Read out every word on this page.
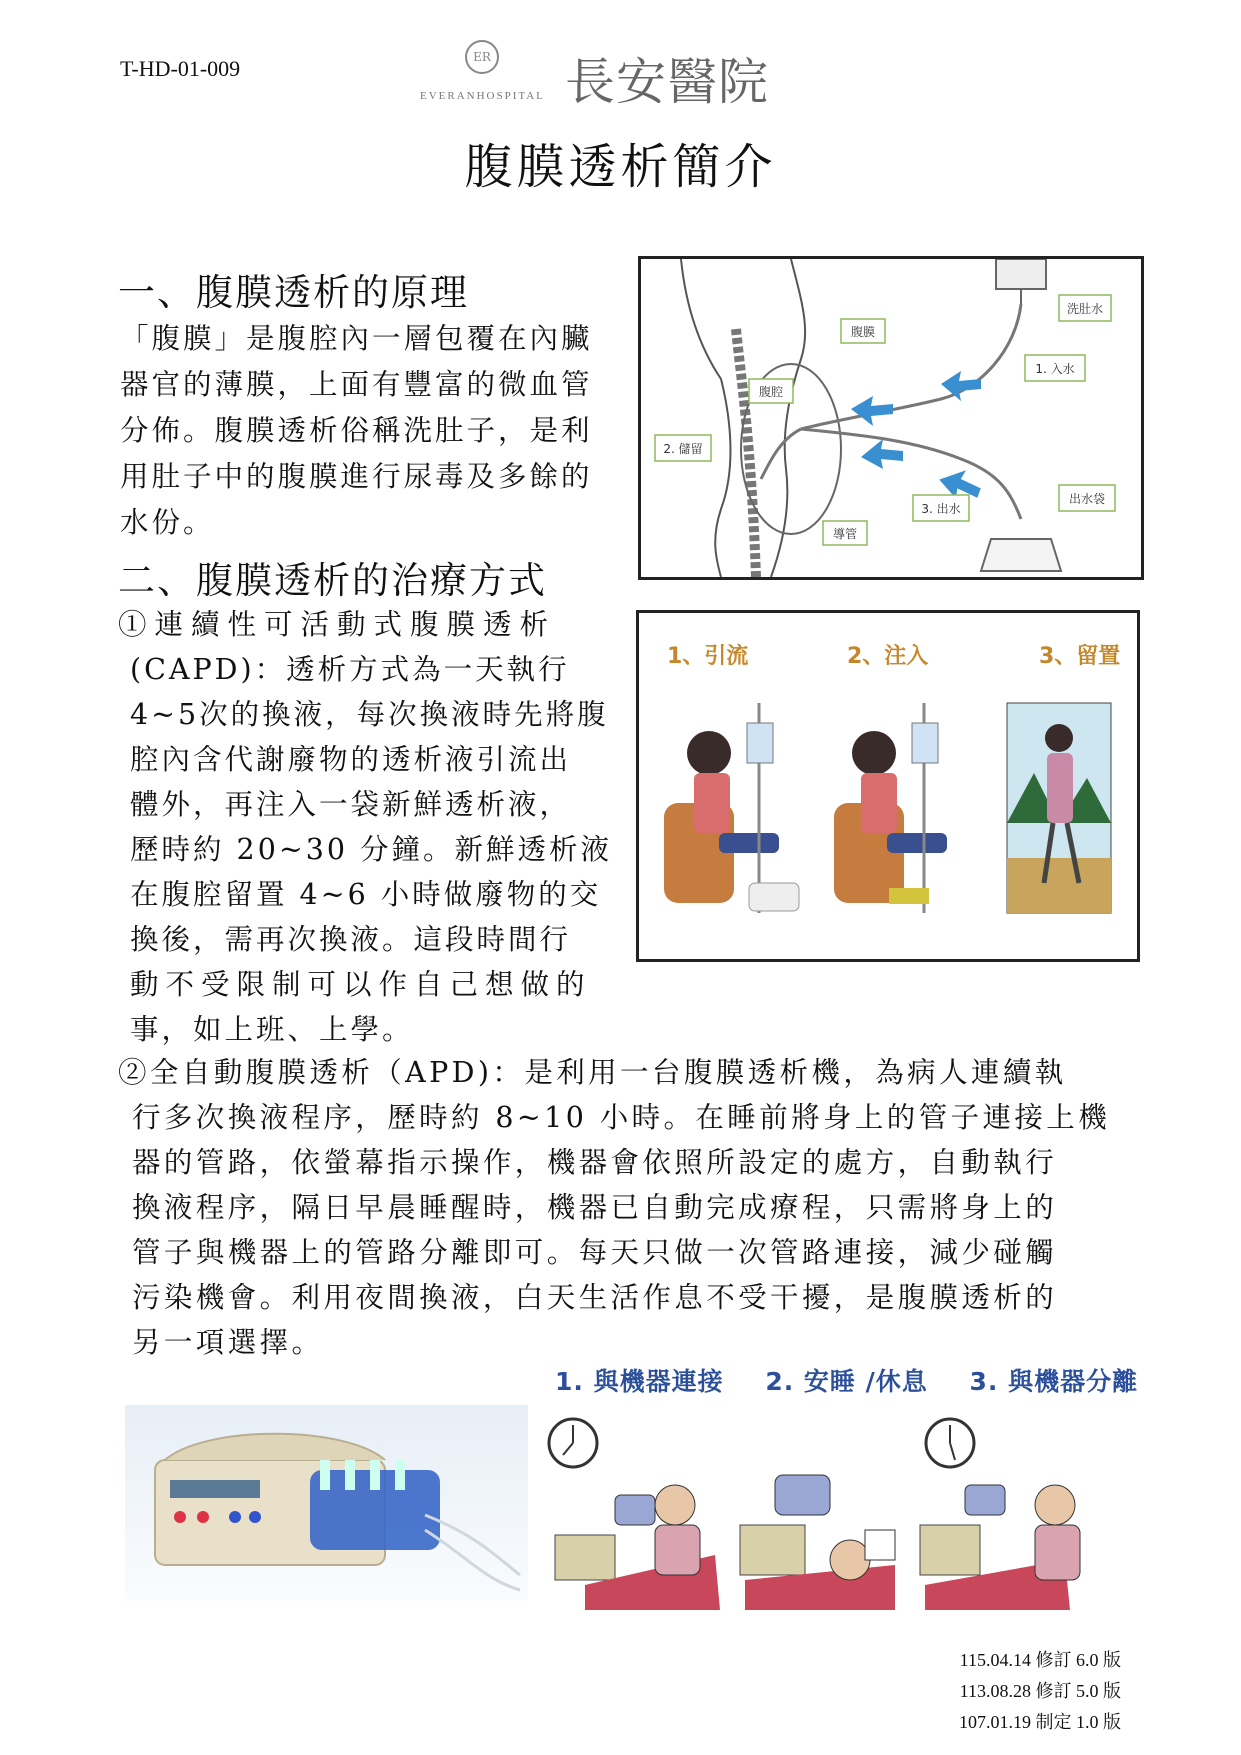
T-HD-01-009	ER
EVERANHOSPITAL 長安醫院
腹膜透析簡介
一、腹膜透析的原理
「腹膜」是腹腔內一層包覆在內臟
器官的薄膜，上面有豐富的微血管
分佈。腹膜透析俗稱洗肚子，是利
用肚子中的腹膜進行尿毒及多餘的
水份。
洗肚水
腹膜
腹腔
2. 儲留
1. 入水
3. 出水
出水袋
導管
二、腹膜透析的治療方式
①連續性可活動式腹膜透析
(CAPD)：透析方式為一天執行
4~5次的換液，每次換液時先將腹
腔內含代謝廢物的透析液引流出
體外，再注入一袋新鮮透析液，
歷時約 20~30 分鐘。新鮮透析液
在腹腔留置 4~6 小時做廢物的交
換後，需再次換液。這段時間行
動不受限制可以作自己想做的
事，如上班、上學。
1、引流	2、注入	3、留置
②全自動腹膜透析（APD)：是利用一台腹膜透析機，為病人連續執
行多次換液程序，歷時約 8~10 小時。在睡前將身上的管子連接上機
器的管路，依螢幕指示操作，機器會依照所設定的處方，自動執行
換液程序，隔日早晨睡醒時，機器已自動完成療程，只需將身上的
管子與機器上的管路分離即可。每天只做一次管路連接，減少碰觸
污染機會。利用夜間換液，白天生活作息不受干擾，是腹膜透析的
另一項選擇。
1. 與機器連接 2. 安睡 /休息 3. 與機器分離
115.04.14 修訂 6.0 版
113.08.28 修訂 5.0 版
107.01.19 制定 1.0 版
